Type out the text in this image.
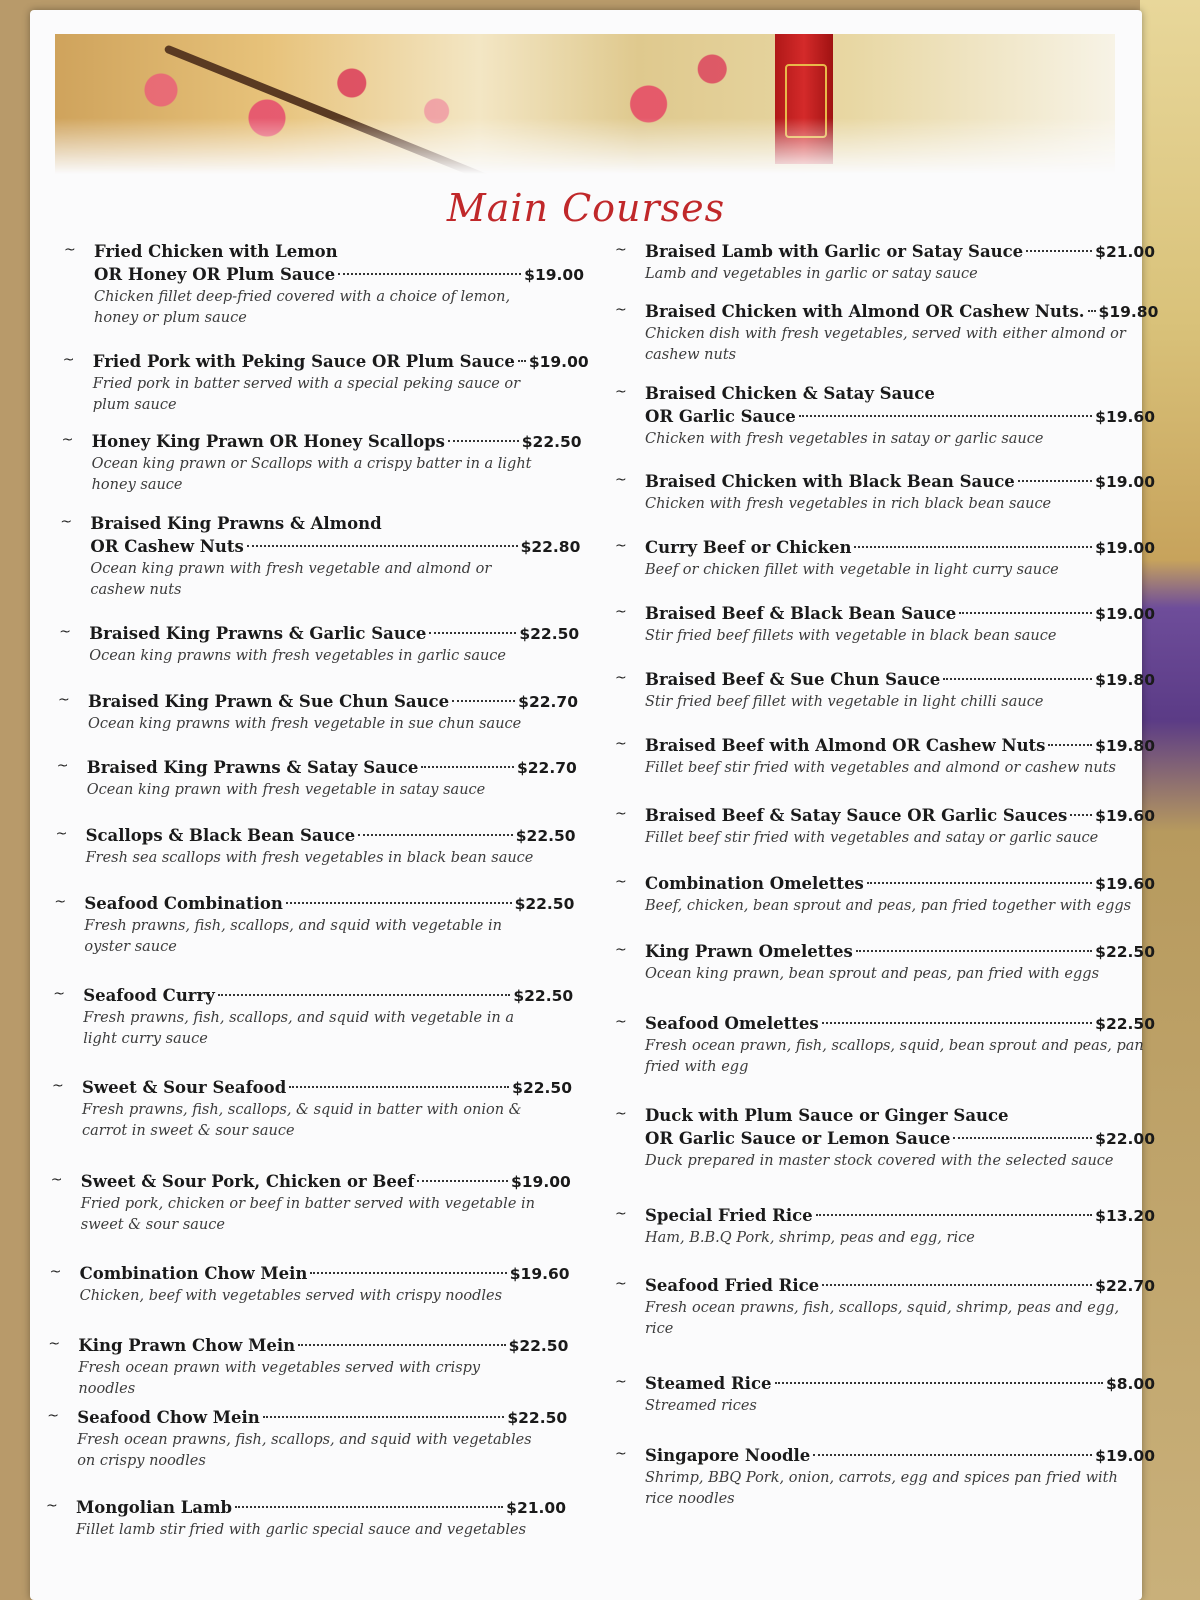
Main Courses
~ Fried Chicken with Lemon
OR Honey OR Plum Sauce	$19.00
Chicken fillet deep-fried covered with a choice of lemon, honey or plum sauce
~ Fried Pork with Peking Sauce OR Plum Sauce $19.00
Fried pork in batter served with a special peking sauce or plum sauce
~ Honey King Prawn OR Honey Scallops	$22.50
Ocean king prawn or Scallops with a crispy batter in a light honey sauce
~ Braised King Prawns & Almond
OR Cashew Nuts	$22.80
Ocean king prawn with fresh vegetable and almond or cashew nuts
~ Braised King Prawns & Garlic Sauce	$22.50
Ocean king prawns with fresh vegetables in garlic sauce
~ Braised King Prawn & Sue Chun Sauce	$22.70
Ocean king prawns with fresh vegetable in sue chun sauce
~ Braised King Prawns & Satay Sauce	$22.70
Ocean king prawn with fresh vegetable in satay sauce
~ Scallops & Black Bean Sauce	$22.50
Fresh sea scallops with fresh vegetables in black bean sauce
~ Seafood Combination	$22.50
Fresh prawns, fish, scallops, and squid with vegetable in oyster sauce
~ Seafood Curry	$22.50
Fresh prawns, fish, scallops, and squid with vegetable in a light curry sauce
~ Sweet & Sour Seafood	$22.50
Fresh prawns, fish, scallops, & squid in batter with onion & carrot in sweet & sour sauce
~ Sweet & Sour Pork, Chicken or Beef	$19.00
Fried pork, chicken or beef in batter served with vegetable in sweet & sour sauce
~ Combination Chow Mein	$19.60
Chicken, beef with vegetables served with crispy noodles
~ King Prawn Chow Mein	$22.50
Fresh ocean prawn with vegetables served with crispy noodles
~ Seafood Chow Mein	$22.50
Fresh ocean prawns, fish, scallops, and squid with vegetables on crispy noodles
~ Mongolian Lamb	$21.00
Fillet lamb stir fried with garlic special sauce and vegetables
~ Braised Lamb with Garlic or Satay Sauce	$21.00
Lamb and vegetables in garlic or satay sauce
~ Braised Chicken with Almond OR Cashew Nuts. $19.80
Chicken dish with fresh vegetables, served with either almond or cashew nuts
~ Braised Chicken & Satay Sauce
OR Garlic Sauce	$19.60
Chicken with fresh vegetables in satay or garlic sauce
~ Braised Chicken with Black Bean Sauce	$19.00
Chicken with fresh vegetables in rich black bean sauce
~ Curry Beef or Chicken	$19.00
Beef or chicken fillet with vegetable in light curry sauce
~ Braised Beef & Black Bean Sauce	$19.00
Stir fried beef fillets with vegetable in black bean sauce
~ Braised Beef & Sue Chun Sauce	$19.80
Stir fried beef fillet with vegetable in light chilli sauce
~ Braised Beef with Almond OR Cashew Nuts	$19.80
Fillet beef stir fried with vegetables and almond or cashew nuts
~ Braised Beef & Satay Sauce OR Garlic Sauces $19.60
Fillet beef stir fried with vegetables and satay or garlic sauce
~ Combination Omelettes	$19.60
Beef, chicken, bean sprout and peas, pan fried together with eggs
~ King Prawn Omelettes	$22.50
Ocean king prawn, bean sprout and peas, pan fried with eggs
~ Seafood Omelettes	$22.50
Fresh ocean prawn, fish, scallops, squid, bean sprout and peas, pan fried with egg
~ Duck with Plum Sauce or Ginger Sauce
OR Garlic Sauce or Lemon Sauce	$22.00
Duck prepared in master stock covered with the selected sauce
~ Special Fried Rice	$13.20
Ham, B.B.Q Pork, shrimp, peas and egg, rice
~ Seafood Fried Rice	$22.70
Fresh ocean prawns, fish, scallops, squid, shrimp, peas and egg, rice
~ Steamed Rice	$8.00
Streamed rices
~ Singapore Noodle	$19.00
Shrimp, BBQ Pork, onion, carrots, egg and spices pan fried with rice noodles
